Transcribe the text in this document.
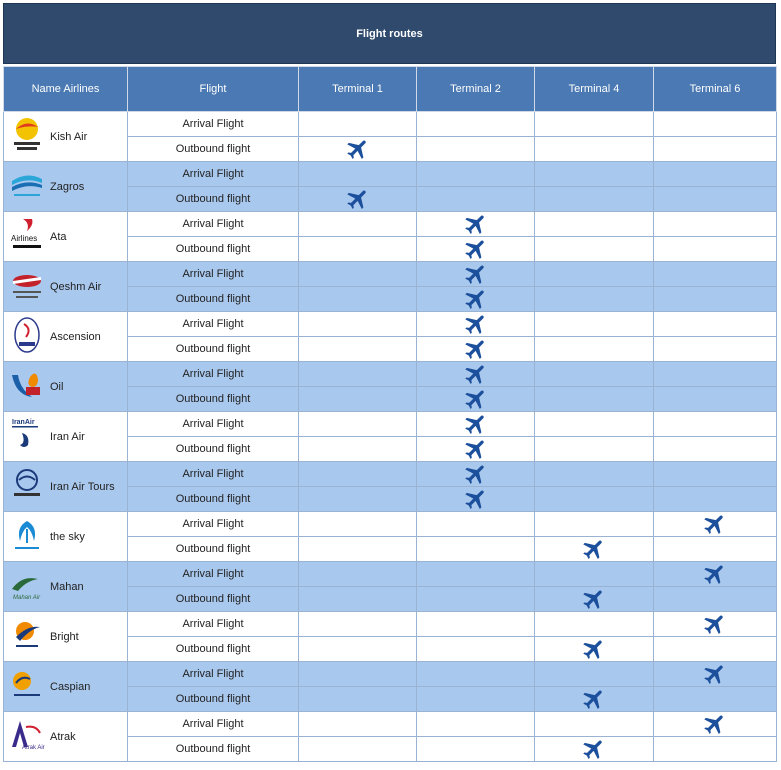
Flight routes
Name Airlines	Flight	Terminal 1	Terminal 2	Terminal 4	Terminal 6

Kish Air	Arrival Flight				
	Outbound flight	

Zagros	Arrival Flight				
	Outbound flight	

Airlines Ata	Arrival Flight		

	Outbound flight		

Qeshm Air	Arrival Flight		

	Outbound flight		

Ascension	Arrival Flight		

	Outbound flight		

Oil	Arrival Flight		

	Outbound flight		

IranAir
Iran Air	Arrival Flight		

	Outbound flight		

Iran Air Tours	Arrival Flight		

	Outbound flight		

the sky	Arrival Flight				

	Outbound flight			

Mahan Air
Mahan	Arrival Flight				

	Outbound flight			

Bright	Arrival Flight				

	Outbound flight			

Caspian	Arrival Flight				

	Outbound flight			

Atrak Air
Atrak	Arrival Flight				

	Outbound flight			
